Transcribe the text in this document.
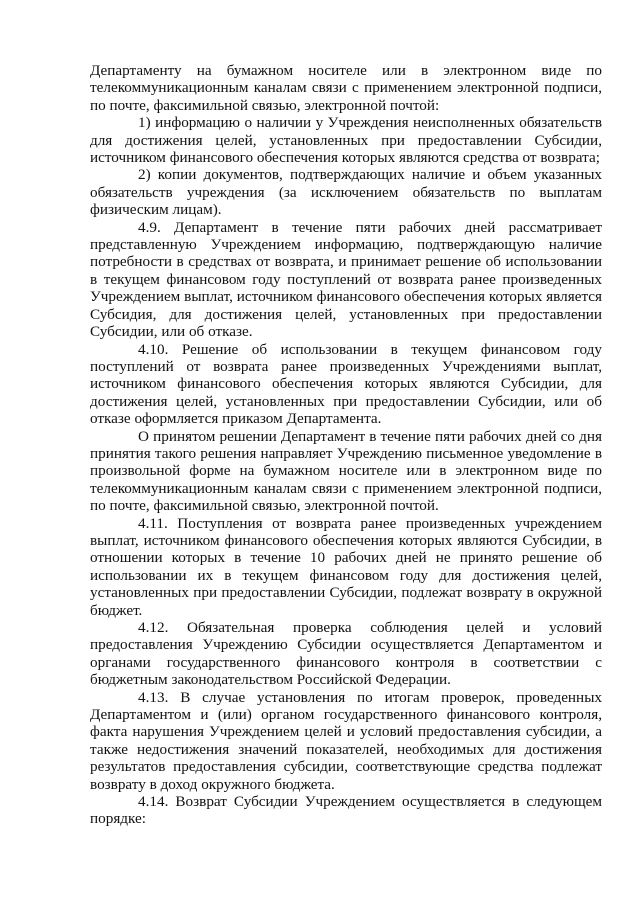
Департаменту на бумажном носителе или в электронном виде по телекоммуникационным каналам связи с применением электронной подписи, по почте, факсимильной связью, электронной почтой:

1) информацию о наличии у Учреждения неисполненных обязательств для достижения целей, установленных при предоставлении Субсидии, источником финансового обеспечения которых являются средства от возврата;

2) копии документов, подтверждающих наличие и объем указанных обязательств учреждения (за исключением обязательств по выплатам физическим лицам).

4.9. Департамент в течение пяти рабочих дней рассматривает представленную Учреждением информацию, подтверждающую наличие потребности в средствах от возврата, и принимает решение об использовании в текущем финансовом году поступлений от возврата ранее произведенных Учреждением выплат, источником финансового обеспечения которых является Субсидия, для достижения целей, установленных при предоставлении Субсидии, или об отказе.

4.10. Решение об использовании в текущем финансовом году поступлений от возврата ранее произведенных Учреждениями выплат, источником финансового обеспечения которых являются Субсидии, для достижения целей, установленных при предоставлении Субсидии, или об отказе оформляется приказом Департамента.

О принятом решении Департамент в течение пяти рабочих дней со дня принятия такого решения направляет Учреждению письменное уведомление в произвольной форме на бумажном носителе или в электронном виде по телекоммуникационным каналам связи с применением электронной подписи, по почте, факсимильной связью, электронной почтой.

4.11. Поступления от возврата ранее произведенных учреждением выплат, источником финансового обеспечения которых являются Субсидии, в отношении которых в течение 10 рабочих дней не принято решение об использовании их в текущем финансовом году для достижения целей, установленных при предоставлении Субсидии, подлежат возврату в окружной бюджет.

4.12. Обязательная проверка соблюдения целей и условий предоставления Учреждению Субсидии осуществляется Департаментом и органами государственного финансового контроля в соответствии с бюджетным законодательством Российской Федерации.

4.13. В случае установления по итогам проверок, проведенных Департаментом и (или) органом государственного финансового контроля, факта нарушения Учреждением целей и условий предоставления субсидии, а также недостижения значений показателей, необходимых для достижения результатов предоставления субсидии, соответствующие средства подлежат возврату в доход окружного бюджета.

4.14. Возврат Субсидии Учреждением осуществляется в следующем порядке:
